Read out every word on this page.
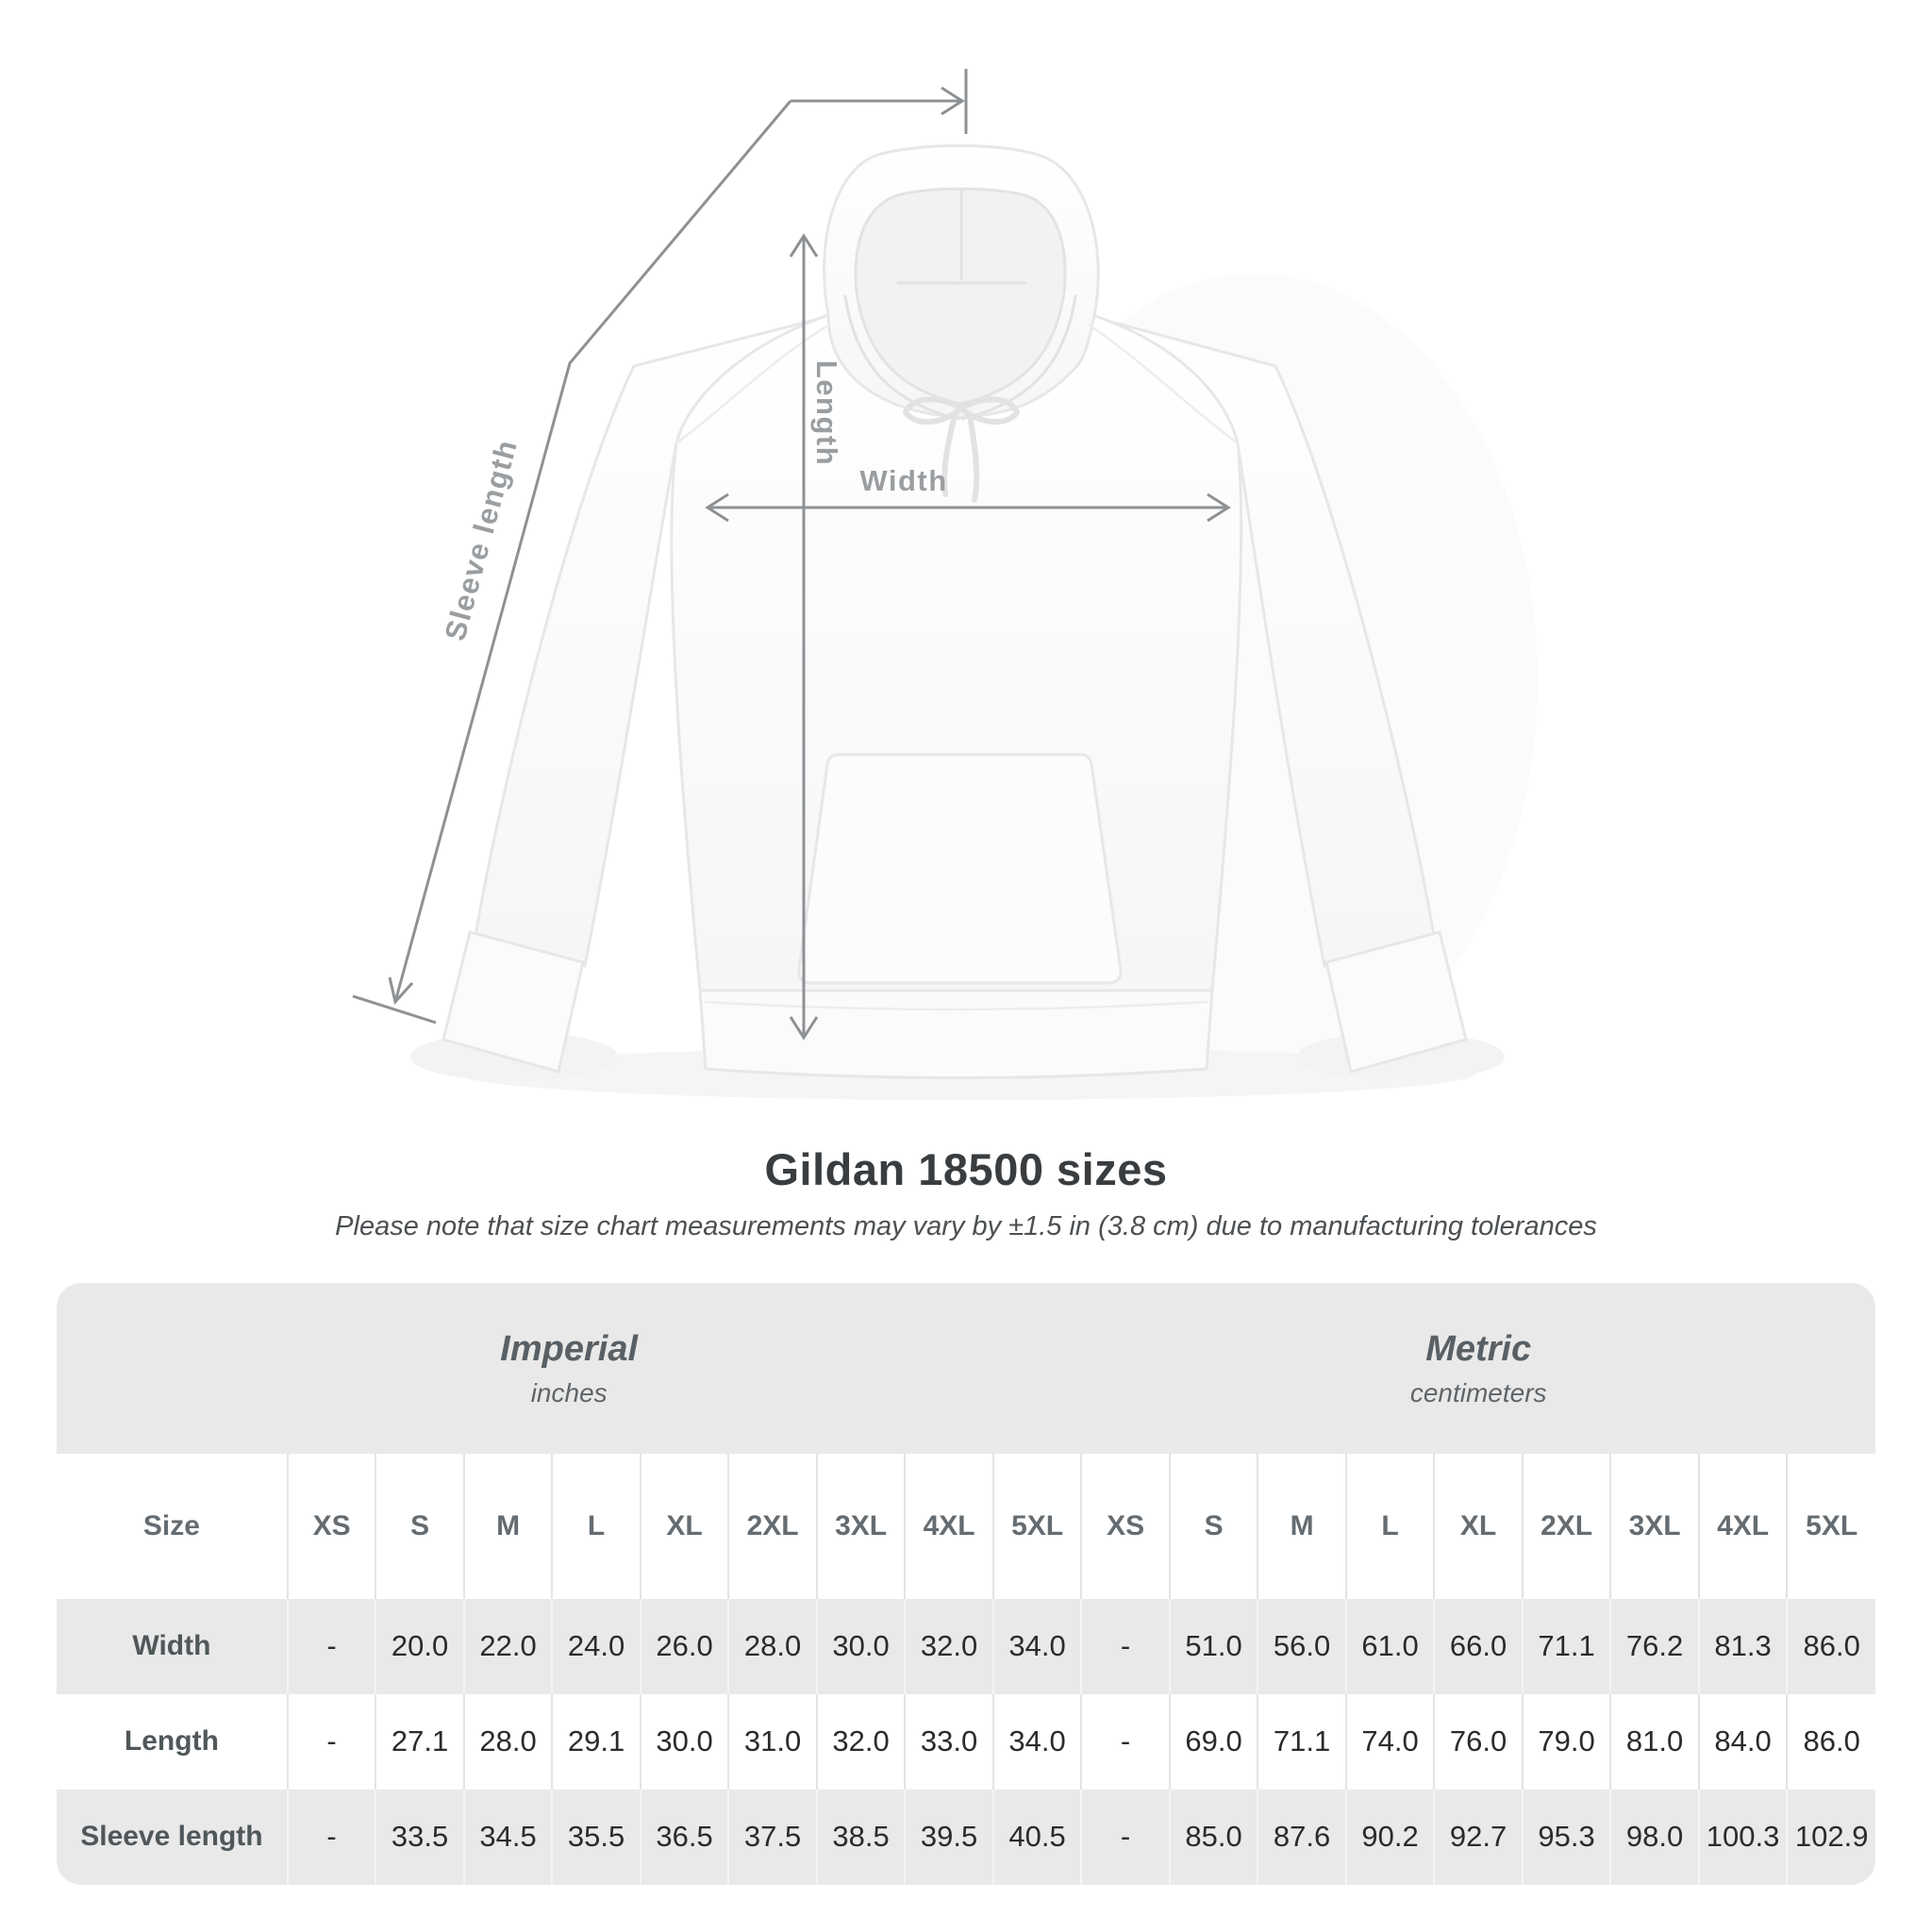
Width
Length
Sleeve length
Gildan 18500 sizes
Please note that size chart measurements may vary by ±1.5 in (3.8 cm) due to manufacturing tolerances
Imperial
inches

Metric
centimeters

Size	XS	S	M	L	XL	2XL	3XL	4XL	5XL	XS	S	M	L	XL	2XL	3XL	4XL	5XL
Width	-	20.0	22.0	24.0	26.0	28.0	30.0	32.0	34.0	-	51.0	56.0	61.0	66.0	71.1	76.2	81.3	86.0
Length	-	27.1	28.0	29.1	30.0	31.0	32.0	33.0	34.0	-	69.0	71.1	74.0	76.0	79.0	81.0	84.0	86.0
Sleeve length	-	33.5	34.5	35.5	36.5	37.5	38.5	39.5	40.5	-	85.0	87.6	90.2	92.7	95.3	98.0	100.3	102.9
